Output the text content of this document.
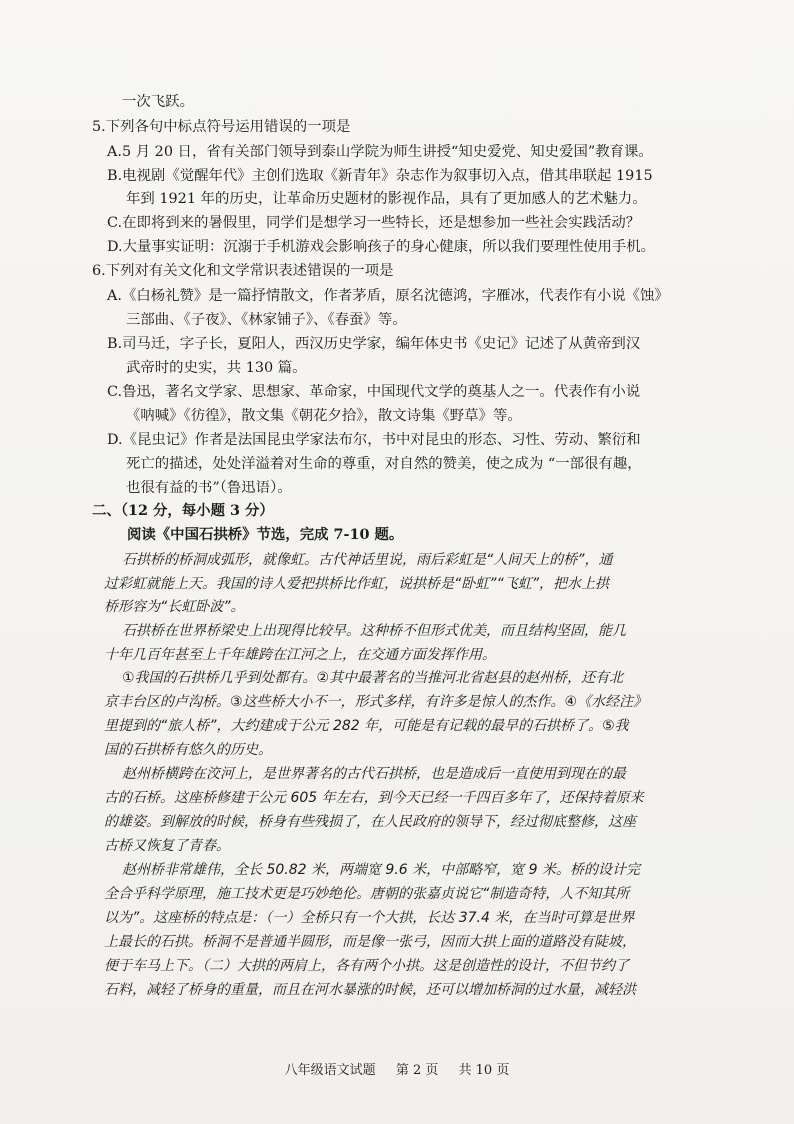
一次飞跃。
5.下列各句中标点符号运用错误的一项是
A.5 月 20 日，省有关部门领导到泰山学院为师生讲授“知史爱党、知史爱国”教育课。
B.电视剧《觉醒年代》主创们选取《新青年》杂志作为叙事切入点，借其串联起 1915
年到 1921 年的历史，让革命历史题材的影视作品，具有了更加感人的艺术魅力。
C.在即将到来的暑假里，同学们是想学习一些特长，还是想参加一些社会实践活动？
D.大量事实证明：沉溺于手机游戏会影响孩子的身心健康，所以我们要理性使用手机。
6.下列对有关文化和文学常识表述错误的一项是
A.《白杨礼赞》是一篇抒情散文，作者茅盾，原名沈德鸿，字雁冰，代表作有小说《蚀》
三部曲、《子夜》、《林家铺子》、《春蚕》等。
B.司马迁，字子长，夏阳人，西汉历史学家，编年体史书《史记》记述了从黄帝到汉
武帝时的史实，共 130 篇。
C.鲁迅，著名文学家、思想家、革命家，中国现代文学的奠基人之一。代表作有小说
《呐喊》《彷徨》，散文集《朝花夕拾》，散文诗集《野草》等。
D.《昆虫记》作者是法国昆虫学家法布尔，书中对昆虫的形态、习性、劳动、繁衍和
死亡的描述，处处洋溢着对生命的尊重，对自然的赞美，使之成为 “一部很有趣，
也很有益的书”（鲁迅语）。
二、（12 分，每小题 3 分）
阅读《中国石拱桥》节选，完成 7-10 题。
石拱桥的桥洞成弧形，就像虹。古代神话里说，雨后彩虹是“人间天上的桥”，通
过彩虹就能上天。我国的诗人爱把拱桥比作虹，说拱桥是“卧虹”“飞虹”，把水上拱
桥形容为“长虹卧波”。
石拱桥在世界桥梁史上出现得比较早。这种桥不但形式优美，而且结构坚固，能几
十年几百年甚至上千年雄跨在江河之上，在交通方面发挥作用。
①我国的石拱桥几乎到处都有。②其中最著名的当推河北省赵县的赵州桥，还有北
京丰台区的卢沟桥。③这些桥大小不一，形式多样，有许多是惊人的杰作。④《水经注》
里提到的“旅人桥”，大约建成于公元 282 年，可能是有记载的最早的石拱桥了。⑤我
国的石拱桥有悠久的历史。
赵州桥横跨在洨河上，是世界著名的古代石拱桥，也是造成后一直使用到现在的最
古的石桥。这座桥修建于公元 605 年左右，到今天已经一千四百多年了，还保持着原来
的雄姿。到解放的时候，桥身有些残损了，在人民政府的领导下，经过彻底整修，这座
古桥又恢复了青春。
赵州桥非常雄伟，全长 50.82 米，两端宽 9.6 米，中部略窄，宽 9 米。桥的设计完
全合乎科学原理，施工技术更是巧妙绝伦。唐朝的张嘉贞说它“制造奇特，人不知其所
以为”。这座桥的特点是：（一）全桥只有一个大拱，长达 37.4 米，在当时可算是世界
上最长的石拱。桥洞不是普通半圆形，而是像一张弓，因而大拱上面的道路没有陡坡，
便于车马上下。（二）大拱的两肩上，各有两个小拱。这是创造性的设计，不但节约了
石料，减轻了桥身的重量，而且在河水暴涨的时候，还可以增加桥洞的过水量，减轻洪
八年级语文试题 第 2 页 共 10 页
